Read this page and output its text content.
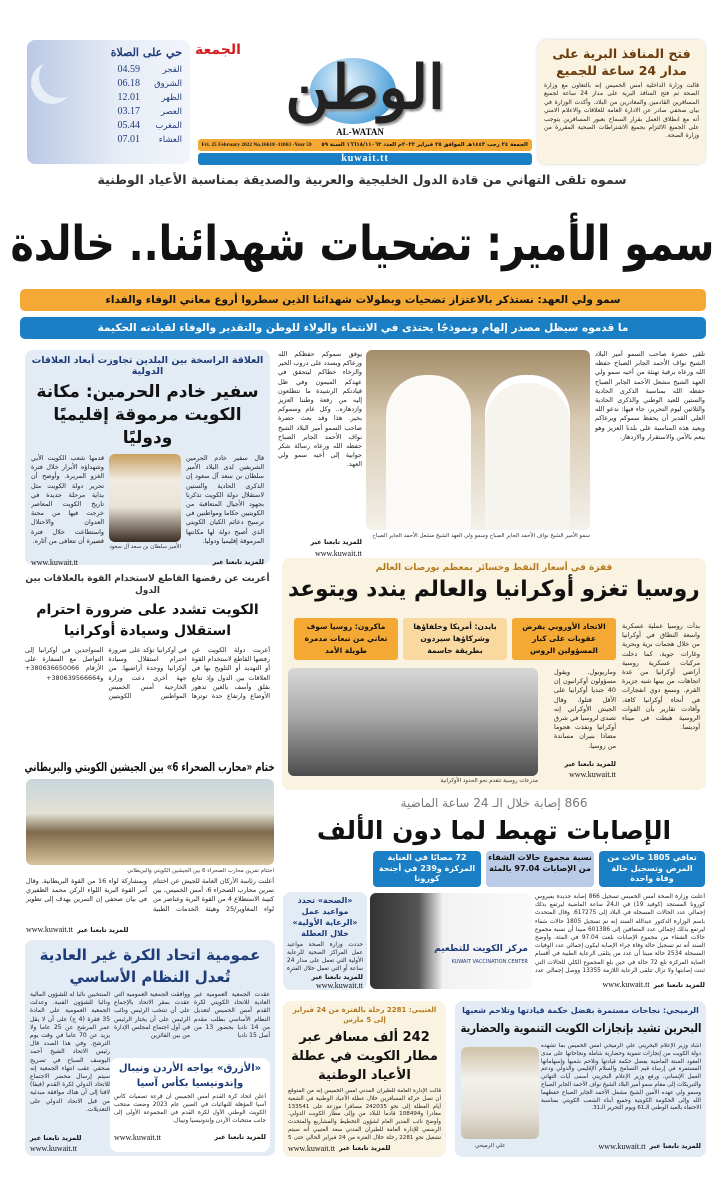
فتح المنافذ البرية على مدار 24 ساعة للجميع
قالت وزارة الداخلية أمس الخميس إنه بالتعاون مع وزارة الصحة تم فتح المنافذ البرية على مدار 24 ساعة لجميع المسافرين القادمين والمغادرين من البلاد. وأكدت الوزارة في بيان صحفي صادر عن الادارة العامة للعلاقات والاعلام الامني أنه مع انطلاق العمل بقرار السماح بعبور المسافرين يتوجب على الجميع الالتزام بجميع الاشتراطات الصحية المقررة من وزارة الصحة.
الوطن
الجمعة
AL-WATAN
الجمعة ٢٤ رجب ١٤٤٣هـ الموافق ٢٥ فبراير ٢٠٢٢م العدد ١٦٦١٨/١١٠٦٣ السنة ٥٩
Fri. 25 February 2022 No.16618 -11063 -Year 59
kuwait.tt
حي على الصلاة
الفجر
04.59
الشروق
06.18
الظهر
12.01
العصر
03.17
المغرب
05.44
العشاء
07.01
سموه تلقى التهاني من قادة الدول الخليجية والعربية والصديقة بمناسبة الأعياد الوطنية
سمو الأمير: تضحيات شهدائنا.. خالدة
سمو ولي العهد: نستذكر بالاعتزاز تضحيات وبطولات شهدائنا الذين سطروا أروع معاني الوفاء والفداء
ما قدموه سيظل مصدر إلهام ونموذجًا يحتذى في الانتماء والولاء للوطن والتقدير والوفاء لقيادته الحكيمة
تلقى حضرة صاحب السمو أمير البلاد الشيخ نواف الأحمد الجابر الصباح حفظه الله ورعاه برقية تهنئة من أخيه سمو ولي العهد الشيخ مشعل الأحمد الجابر الصباح حفظه الله بمناسبة الذكرى الحادية والستين للعيد الوطني والذكرى الحادية والثلاثين ليوم التحرير، جاء فيها: ندعو الله العلي القدير أن يحفظ سموكم ويرعاكم ويعيد هذه المناسبة على بلدنا العزيز وهو ينعم بالأمن والاستقرار والازدهار.
سمو الأمير الشيخ نواف الأحمد الجابر الصباح وسمو ولي العهد الشيخ مشعل الأحمد الجابر الصباح
يوفق سموكم حفظكم الله ورعاكم ويسدد على دروب الخير والرخاء خطاكم ليتحقق في عهدكم الميمون وفي ظل قيادتكم الرشيدة ما تتطلعون إليه من رفعة وطننا العزيز وازدهاره.. وكل عام وسموكم بخير. هذا وقد بعث حضرة صاحب السمو أمير البلاد الشيخ نواف الأحمد الجابر الصباح حفظه الله ورعاه رسالة شكر جوابية إلى أخيه سمو ولي العهد.
للمزيد تابعنا عبر
www.kuwait.tt
العلاقة الراسخة بين البلدين تجاوزت أبعاد العلاقات الدولية
سفير خادم الحرمين: مكانة الكويت مرموقة إقليميًا ودوليًا
قال سفير خادم الحرمين الشريفين لدى البلاد الأمير سلطان بن سعد آل سعود إن الذكرى الحادية والستين لاستقلال دولة الكويت تذكرنا بجهود الأجيال المتعاقبة من الكويتيين حكاما ومواطنين في ترسيخ دعائم الكيان الكويتي الذي أصبح دولة لها مكانتها المرموقة إقليميا ودوليا.
الأمير سلطان بن سعد آل سعود
قدمها شعب الكويت الأبي وشهداؤه الأبرار خلال فترة الغزو المريرة. وأوضح أن تحرير دولة الكويت مثل بداية مرحلة جديدة في تاريخ الكويت المعاصر خرجت فيها من محنة العدوان والاحتلال واستطاعت خلال فترة قصيرة أن تتعافى من آثاره.
للمزيد تابعنا عبر
www.kuwait.tt
أعربت عن رفضها القاطع لاستخدام القوة بالعلاقات بين الدول
الكويت تشدد على ضرورة احترام استقلال وسيادة أوكرانيا
أعربت دولة الكويت عن رفضها القاطع لاستخدام القوة أو التهديد أو التلويح بها في العلاقات بين الدول وإذ تتابع بقلق وأسف بالغين تدهور الأوضاع وارتفاع حدة توترها في أوكرانيا تؤكد على ضرورة احترام استقلال وسيادة أوكرانيا ووحدة أراضيها. من جهة أخرى دعت وزارة الخارجية أمس الخميس المواطنين الكويتيين المتواجدين في أوكرانيا إلى التواصل مع السفارة على الأرقام 380636650066+ و380639566664+
قفزة في أسعار النفط وخسائر بمعظم بورصات العالم
روسيا تغزو أوكرانيا والعالم يندد ويتوعد
بدأت روسيا عملية عسكرية واسعة النطاق في أوكرانيا من خلال هجمات برية وبحرية وغارات جوية، كما دخلت مركبات عسكرية روسية أراضي أوكرانيا من عدة اتجاهات، من بينها شبه جزيرة القرم. وسمع دوي انفجارات في أنحاء أوكرانيا كافة، وأفادت تقارير بأن القوات الروسية هبطت في ميناء أوديسا.
الاتحاد الأوروبي يفرض عقوبات على كبار المسؤولين الروس
بايدن: أمريكا وحلفاؤها وشركاؤها سيردون بطريقة حاسمة
ماكرون: روسيا سوف تعاني من تبعات مدمرة طويلة الأمد
وماريوبول. ويقول مسؤولون أوكرانيون إن 40 جنديا أوكرانيا على الأقل قتلوا، وقال الجيش الأوكراني إنه تصدى لروسيا في شرق أوكرانيا ونفذت هجوما مضادا بنيران مساندة من روسيا.
للمزيد تابعنا عبر
www.kuwait.tt
مدرعات روسية تتقدم نحو الحدود الأوكرانية
ختام «محارب الصحراء 6» بين الجيشين الكويتي والبريطاني
اختتام تمرين محارب الصحراء 6 بين الجيشين الكويتي والبريطاني
أعلنت رئاسة الأركان العامة للجيش عن اختتام تمرين محارب الصحراء 6، أمس الخميس، بين كتيبة الاستطلاع 4 من القوة البرية وعناصر من لواء المغاوير/25 وهيئة الخدمات الطبية وبمشاركة لواء 16 من القوة البريطانية. وقال آمر القوة البرية اللواء الركن محمد الظفيري في بيان صحفي إن التمرين يهدف إلى تطوير
www.kuwait.tt للمزيد تابعنا عبر
عمومية اتحاد الكرة غير العادية تُعدل النظام الأساسي
عقدت الجمعية العمومية غير العادية للاتحاد الكويتي لكرة القدم أمس الخميس لتعديل النظام الأساسي بطلب مقدم من 14 ناديا بحضور 13 من أصل 15 ناديا
ووافقت الجمعية العمومية التي عقدت بمقر الاتحاد بالإجماع على أن تنتخب الرئيس ونائب الرئيس على أن يختار الرئيس في أول اجتماع لمجلس الإدارة من بين الفائزين
المنتخبين نائبا له للشؤون المالية ونائبا للشؤون الفنية. وعدلت الجمعية العمومية على المادة 35 فقرة (4 ج) على أن لا يقل عمر المرشح عن 25 عاما ولا يزيد عن 70 عاما في وقت يوم الترشح. وفي هذا الصدد قال رئيس الاتحاد الشيخ أحمد اليوسف الصباح في تصريح صحفي عقب انتهاء الجمعية إنه سيتم إرسال محضر الاجتماع للاتحاد الدولي لكرة القدم (فيفا) لافتا إلى أن هناك موافقة مبدئية من قبل الاتحاد الدولي على التعديلات.
للمزيد تابعنا عبر
www.kuwait.tt
«الأزرق» يواجه الأردن ونيبال وإندونيسيا بكأس آسيا
أعلن اتحاد كرة القدم أمس الخميس أن قرعة تصفيات كأس آسيا المؤهلة للنهائيات في الصين عام 2023 وضعت منتخب الكويت الوطني الأول لكرة القدم في المجموعة الأولى إلى جانب منتخبات الأردن وإندونيسيا ونيبال.
للمزيد تابعنا عبر
www.kuwait.tt
866 إصابة خلال الـ 24 ساعة الماضية
الإصابات تهبط لما دون الألف
تعافي 1805 حالات من المرض وتسجيل حالة وفاة واحدة
نسبة مجموع حالات الشفاء من الإصابات 97.04 بالمئة
72 مصابًا في العناية المركزة و239 في أجنحة كورونا
أعلنت وزارة الصحة أمس الخميس تسجيل 866 إصابة جديدة بفيروس كورونا المستجد (كوفيد 19) في الـ24 ساعة الماضية ليرتفع بذلك إجمالي عدد الحالات المسجلة في البلاد إلى 617275. وقال المتحدث باسم الوزارة الدكتور عبدالله السند إنه تم تسجيل 1805 حالات شفاء ليرتفع بذلك إجمالي عدد المتعافين إلى 601386 مبينا أن نسبة مجموع حالات الشفاء من مجموع الإصابات بلغت 97.04 في المئة. وأوضح السند أنه تم تسجيل حالة وفاة جراء الإصابة ليكون إجمالي عدد الوفيات المسجلة 2534 حالة مبينا أن عدد من يتلقى الرعاية الطبية في أقسام العناية المركزة بلغ 72 حالة في حين بلغ المجموع الكلي للحالات التي ثبتت إصابتها ولا تزال تتلقى الرعاية اللازمة 13355 ووصل إجمالي عدد
للمزيد تابعنا عبر
www.kuwait.tt
مركز الكويت للتطعيم
KUWAIT VACCINATION CENTER
«الصحة» تحدد مواعيد عمل «الرعاية الأولية» خلال العطلة
حددت وزارة الصحة مواعيد عمل المراكز الصحية للرعاية الأولية التي تعمل على مدار 24 ساعة أو التي تعمل خلال الفترة
للمزيد تابعنا عبر
www.kuwait.tt
العتيبي: 2281 رحلة بالفترة من 24 فبراير إلى 5 مارس
242 ألف مسافر عبر مطار الكويت في عطلة الأعياد الوطنية
قالت الإدارة العامة للطيران المدني أمس الخميس إنه من المتوقع أن تصل حركة المسافرين خلال عطلة الأعياد الوطنية في الشعبة أيام العطلة إلى نحو 242035 مسافرا موزعة على 133541 مغادرا و108494 قادما للبلاد من وإلى مطار الكويت الدولي. وأوضح نائب المدير العام لشؤون التخطيط والمشاريع والمتحدث الرسمي للإدارة العامة للطيران المدني سعد العتيبي أنه سيتم تشغيل نحو 2281 رحلة خلال الفترة من 24 فبراير الحالي حتى 5
www.kuwait.tt للمزيد تابعنا عبر
الرميحي: نجاحات مستمرة بفضل حكمة قيادتها وتلاحم شعبها
البحرين تشيد بإنجازات الكويت التنموية والحضارية
أشاد وزير الإعلام البحريني علي الرميحي أمس الخميس بما تشهده دولة الكويت من إنجازات تنموية وحضارية شاملة ونجاحاتها على مدى العقود الستة الماضية بفضل حكمة قيادتها وتلاحم شعبها وإسهاماتها المستمرة في إرساء قيم التسامح والسلام الإقليمي والدولي ودعم العمل الإنساني. ورفع وزير الإعلام البحريني أسمى آيات التهاني والتبريكات إلى مقام سمو أمير البلاد الشيخ نواف الأحمد الجابر الصباح وسمو ولي عهده الأمين الشيخ مشعل الأحمد الجابر الصباح حفظهما الله وإلى الحكومة الكويتية وجميع أبناء الشعب الكويتي بمناسبة الاحتفاء بالعيد الوطني الـ61 ويوم التحرير الـ31.
علي الرميحي	للمزيد تابعنا عبر
www.kuwait.tt
